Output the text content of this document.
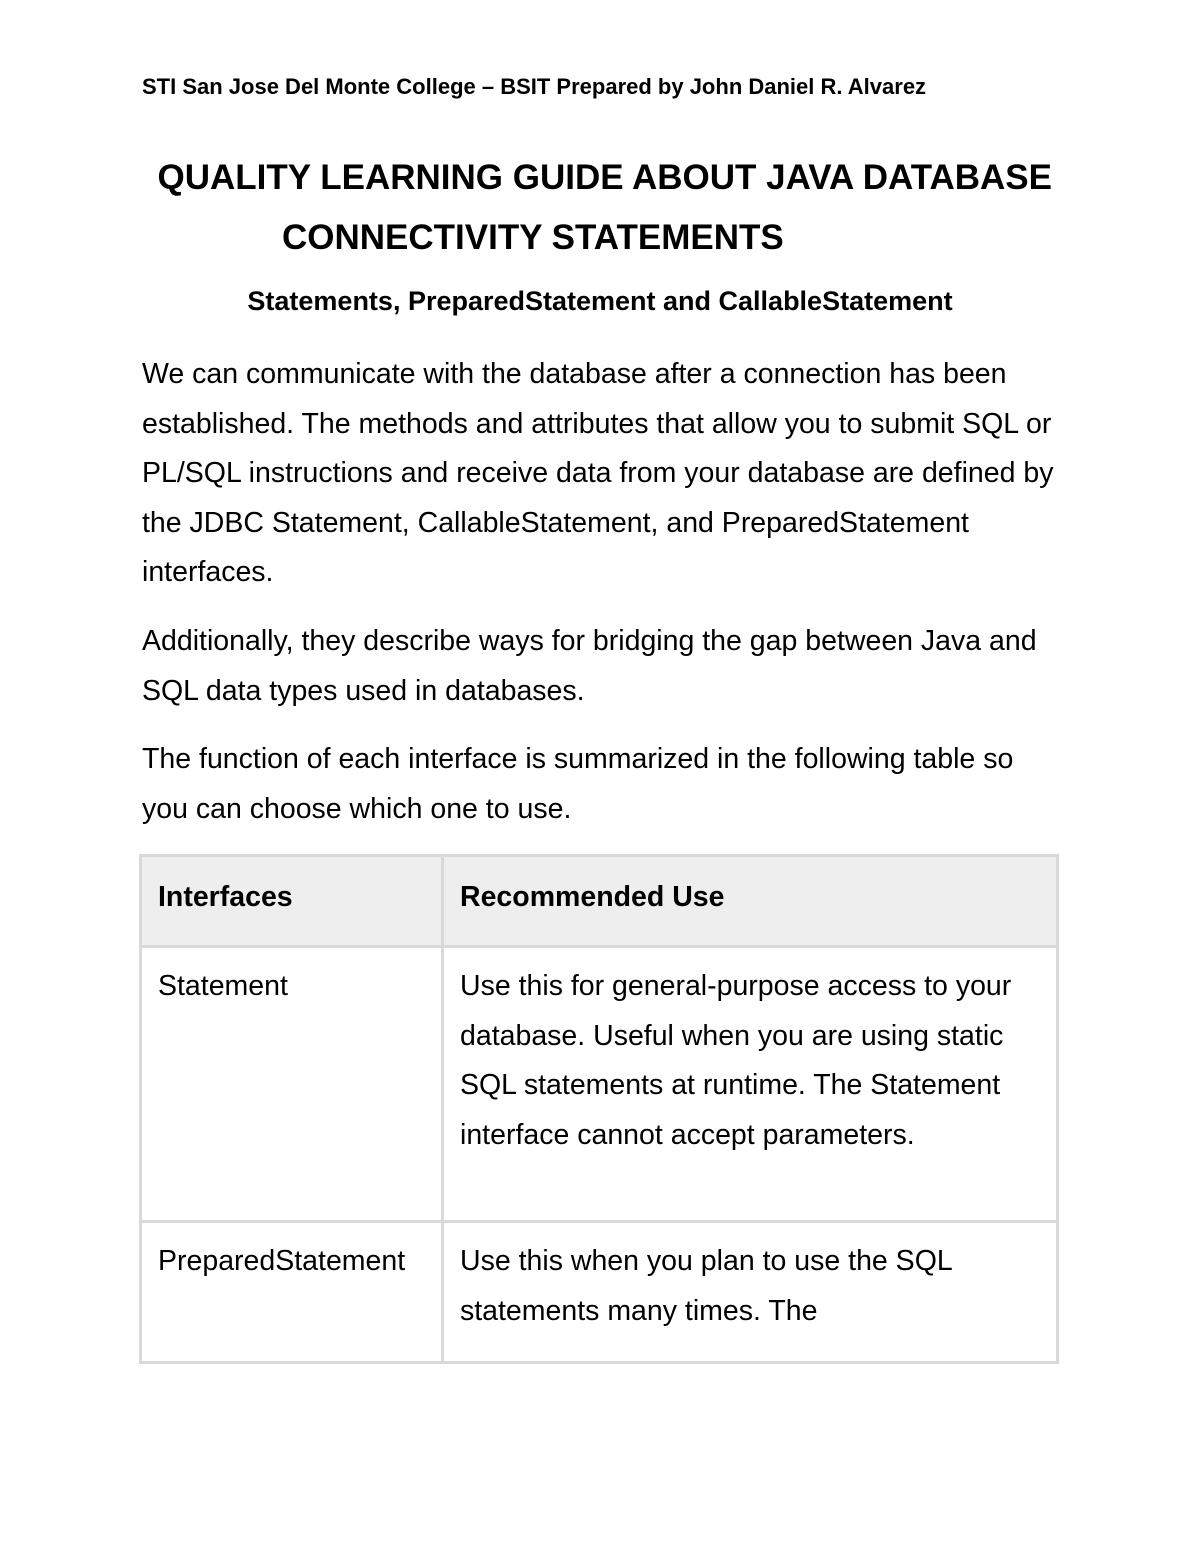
STI San Jose Del Monte College – BSIT Prepared by John Daniel R. Alvarez
QUALITY LEARNING GUIDE ABOUT JAVA DATABASE
CONNECTIVITY STATEMENTS
Statements, PreparedStatement and CallableStatement

We can communicate with the database after a connection has been established. The methods and attributes that allow you to submit SQL or PL/SQL instructions and receive data from your database are defined by the JDBC Statement, CallableStatement, and PreparedStatement interfaces.

Additionally, they describe ways for bridging the gap between Java and SQL data types used in databases.

The function of each interface is summarized in the following table so you can choose which one to use.

Interfaces	Recommended Use
Statement	Use this for general-purpose access to your database. Useful when you are using static SQL statements at runtime. The Statement interface cannot accept parameters.
PreparedStatement	Use this when you plan to use the SQL statements many times. The
